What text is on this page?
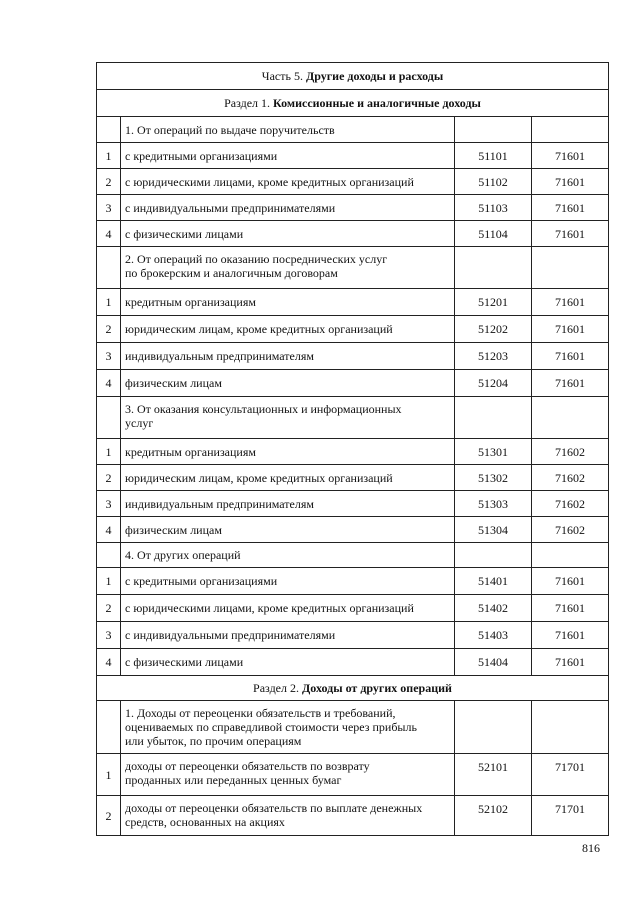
Часть 5. Другие доходы и расходы			
Раздел 1. Комиссионные и аналогичные доходы			
	1. От операций по выдаче поручительств		
1	с кредитными организациями	51101	71601
2	с юридическими лицами, кроме кредитных организаций	51102	71601
3	с индивидуальными предпринимателями	51103	71601
4	с физическими лицами	51104	71601
	2. От операций по оказанию посреднических услуг
по брокерским и аналогичным договорам		
1	кредитным организациям	51201	71601
2	юридическим лицам, кроме кредитных организаций	51202	71601
3	индивидуальным предпринимателям	51203	71601
4	физическим лицам	51204	71601
	3. От оказания консультационных и информационных
услуг		
1	кредитным организациям	51301	71602
2	юридическим лицам, кроме кредитных организаций	51302	71602
3	индивидуальным предпринимателям	51303	71602
4	физическим лицам	51304	71602
	4. От других операций		
1	с кредитными организациями	51401	71601
2	с юридическими лицами, кроме кредитных организаций	51402	71601
3	с индивидуальными предпринимателями	51403	71601
4	с физическими лицами	51404	71601
Раздел 2. Доходы от других операций			
	1. Доходы от переоценки обязательств и требований,
оцениваемых по справедливой стоимости через прибыль
или убыток, по прочим операциям		
1	доходы от переоценки обязательств по возврату
проданных или переданных ценных бумаг	52101	71701
2	доходы от переоценки обязательств по выплате денежных
средств, основанных на акциях	52102	71701
816
